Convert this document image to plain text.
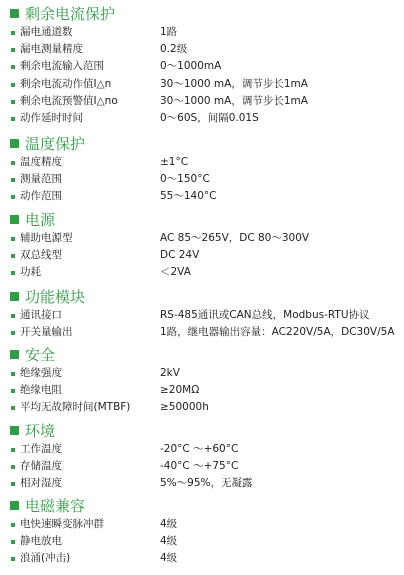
剩余电流保护
漏电通道数	1路
漏电测量精度	0.2级
剩余电流输入范围	0～1000mA
剩余电流动作值I△n	30～1000 mA，调节步长1mA
剩余电流预警值I△no	30～1000 mA，调节步长1mA
动作延时时间	0～60S，间隔0.01S
温度保护
温度精度	±1°C
测量范围	0～150°C
动作范围	55～140°C
电源
辅助电源型	AC 85～265V，DC 80～300V
双总线型	DC 24V
功耗	＜2VA
功能模块
通讯接口	RS-485通讯或CAN总线，Modbus-RTU协议
开关量输出	1路，继电器输出容量：AC220V/5A，DC30V/5A
安全
绝缘强度	2kV
绝缘电阻	≥20MΩ
平均无故障时间(MTBF)	≥50000h
环境
工作温度	-20°C ～+60°C
存储温度	-40°C ～+75°C
相对湿度	5%～95%，无凝露
电磁兼容
电快速瞬变脉冲群	4级
静电放电	4级
浪涌(冲击)	4级
